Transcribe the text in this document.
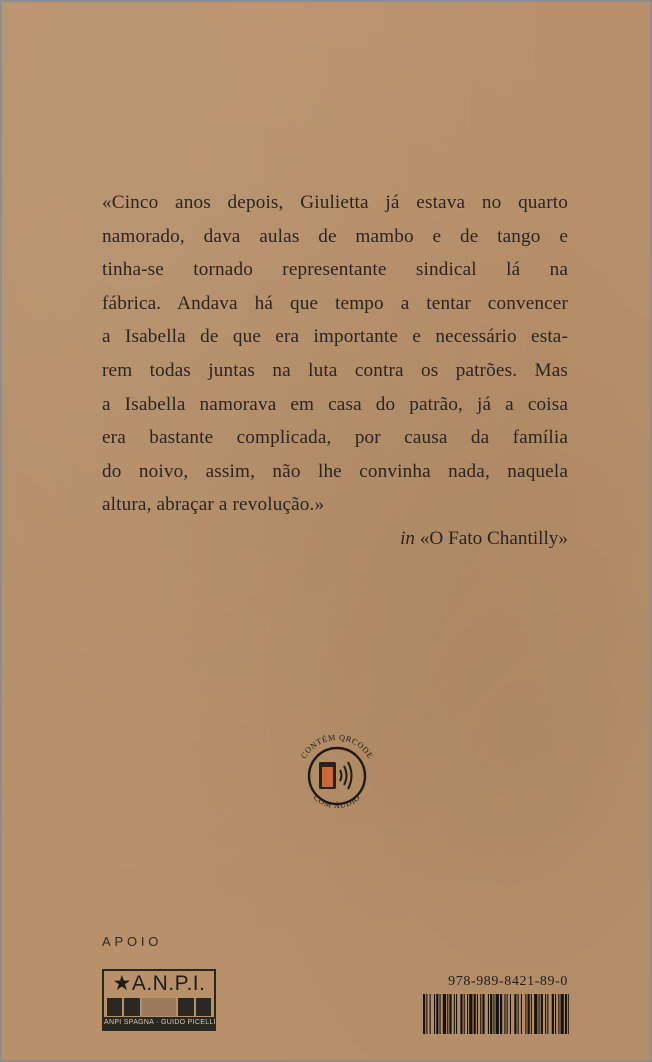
«Cinco anos depois, Giulietta já estava no quarto
namorado, dava aulas de mambo e de tango e
tinha-se tornado representante sindical lá na
fábrica. Andava há que tempo a tentar convencer
a Isabella de que era importante e necessário esta-
rem todas juntas na luta contra os patrões. Mas
a Isabella namorava em casa do patrão, já a coisa
era bastante complicada, por causa da família
do noivo, assim, não lhe convinha nada, naquela
altura, abraçar a revolução.»
in «O Fato Chantilly»
CONTÉM QRCODE
COM ÁUDIO
APOIO
★A.N.P.I.
ANPI SPAGNA · GUIDO PICELLI
978-989-8421-89-0
